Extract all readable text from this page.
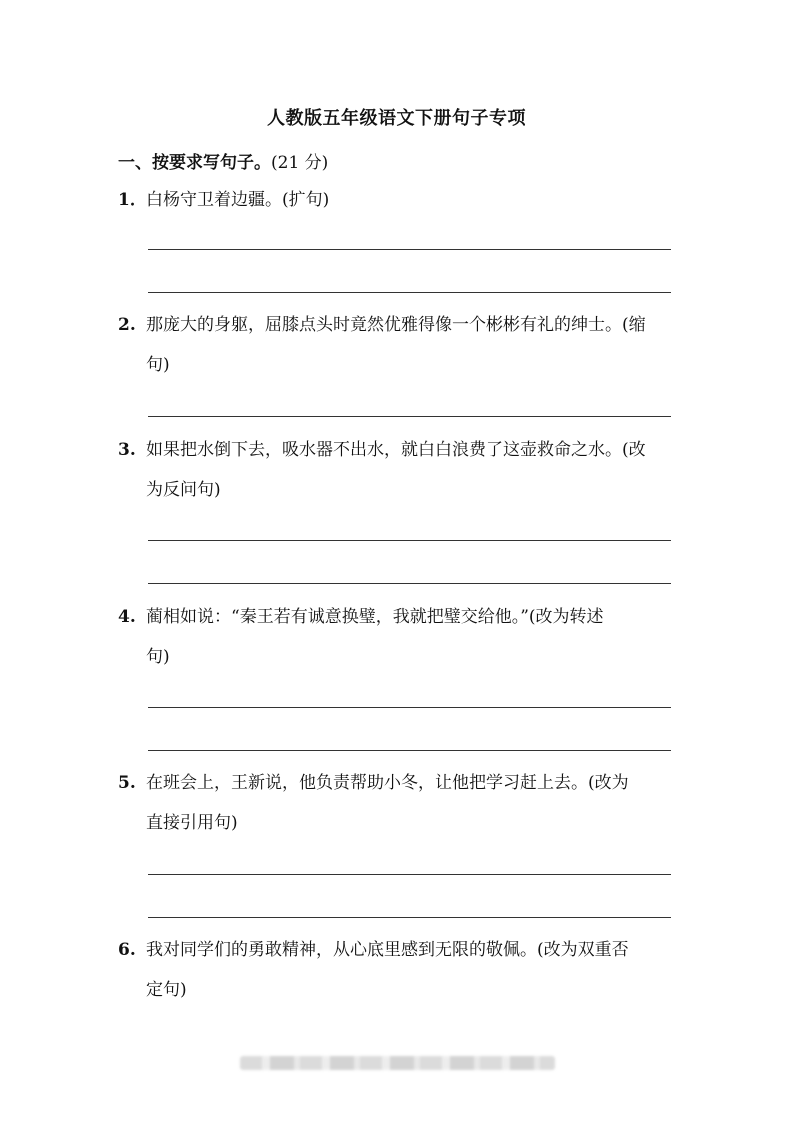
人教版五年级语文下册句子专项
一、按要求写句子。(21 分)
1．白杨守卫着边疆。(扩句)
2. 那庞大的身躯，屈膝点头时竟然优雅得像一个彬彬有礼的绅士。(缩
句)
3. 如果把水倒下去，吸水器不出水，就白白浪费了这壶救命之水。(改
为反问句)
4. 蔺相如说：“秦王若有诚意换璧，我就把璧交给他。”(改为转述
句)
5. 在班会上，王新说，他负责帮助小冬，让他把学习赶上去。(改为
直接引用句)
6. 我对同学们的勇敢精神，从心底里感到无限的敬佩。(改为双重否
定句)
